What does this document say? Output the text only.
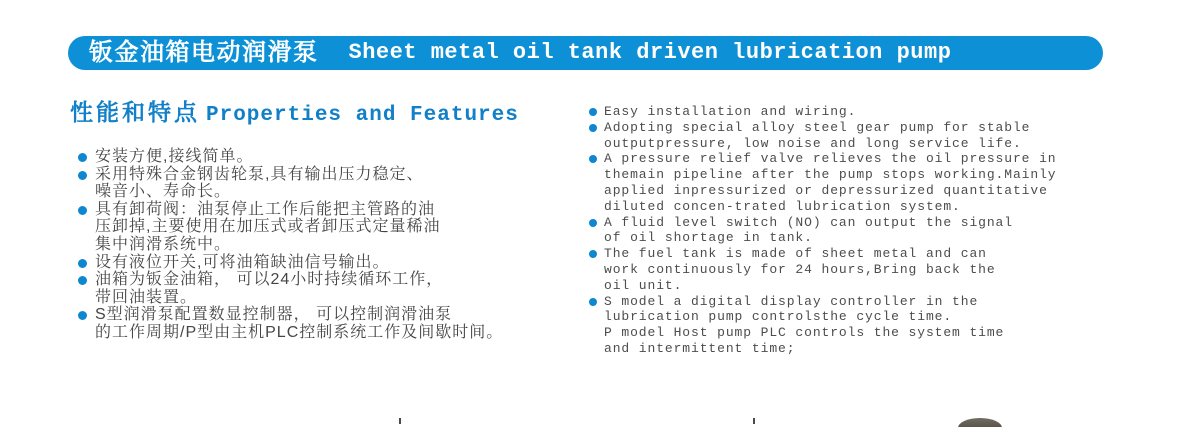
钣金油箱电动润滑泵 Sheet metal oil tank driven lubrication pump
性能和特点 Properties and Features
安装方便,接线简单。
采用特殊合金钢齿轮泵,具有输出压力稳定、
噪音小、寿命长。
具有卸荷阀：油泵停止工作后能把主管路的油
压卸掉,主要使用在加压式或者卸压式定量稀油
集中润滑系统中。
设有液位开关,可将油箱缺油信号输出。
油箱为钣金油箱， 可以24小时持续循环工作，
带回油装置。
S型润滑泵配置数显控制器， 可以控制润滑油泵
的工作周期/P型由主机PLC控制系统工作及间歇时间。
Easy installation and wiring.
Adopting special alloy steel gear pump for stable
outputpressure, low noise and long service life.
A pressure relief valve relieves the oil pressure in
themain pipeline after the pump stops working.Mainly
applied inpressurized or depressurized quantitative
diluted concen-trated lubrication system.
A fluid level switch (NO) can output the signal
of oil shortage in tank.
The fuel tank is made of sheet metal and can
work continuously for 24 hours,Bring back the
oil unit.
S model a digital display controller in the
lubrication pump controlsthe cycle time.
P model Host pump PLC controls the system time
and intermittent time;
